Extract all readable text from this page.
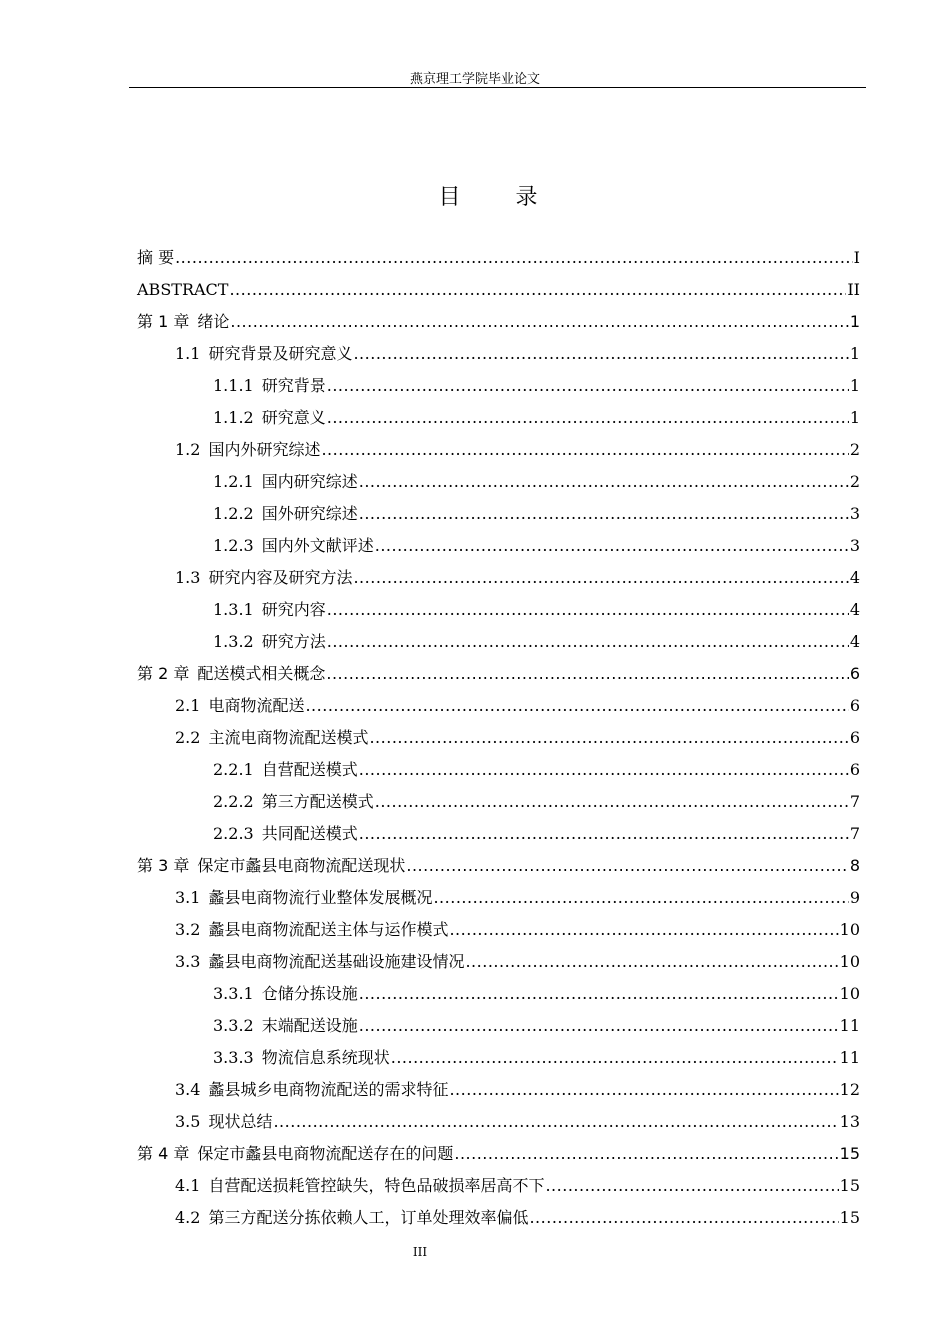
燕京理工学院毕业论文
目 录
摘 要 .....	I
ABSTRACT .....	II
第 1 章 绪论 .....	1
1.1 研究背景及研究意义 .....	1
1.1.1 研究背景 .....	1
1.1.2 研究意义 .....	1
1.2 国内外研究综述 .....	2
1.2.1 国内研究综述 .....	2
1.2.2 国外研究综述 .....	3
1.2.3 国内外文献评述 .....	3
1.3 研究内容及研究方法 .....	4
1.3.1 研究内容 .....	4
1.3.2 研究方法 .....	4
第 2 章 配送模式相关概念 .....	6
2.1 电商物流配送 .....	6
2.2 主流电商物流配送模式 .....	6
2.2.1 自营配送模式 .....	6
2.2.2 第三方配送模式 .....	7
2.2.3 共同配送模式 .....	7
第 3 章 保定市蠡县电商物流配送现状 .....	8
3.1 蠡县电商物流行业整体发展概况 .....	9
3.2 蠡县电商物流配送主体与运作模式 .....	10
3.3 蠡县电商物流配送基础设施建设情况 .....	10
3.3.1 仓储分拣设施 .....	10
3.3.2 末端配送设施 .....	11
3.3.3 物流信息系统现状 .....	11
3.4 蠡县城乡电商物流配送的需求特征 .....	12
3.5 现状总结 .....	13
第 4 章 保定市蠡县电商物流配送存在的问题 .....	15
4.1 自营配送损耗管控缺失，特色品破损率居高不下 .....	15
4.2 第三方配送分拣依赖人工，订单处理效率偏低 .....	15
III
